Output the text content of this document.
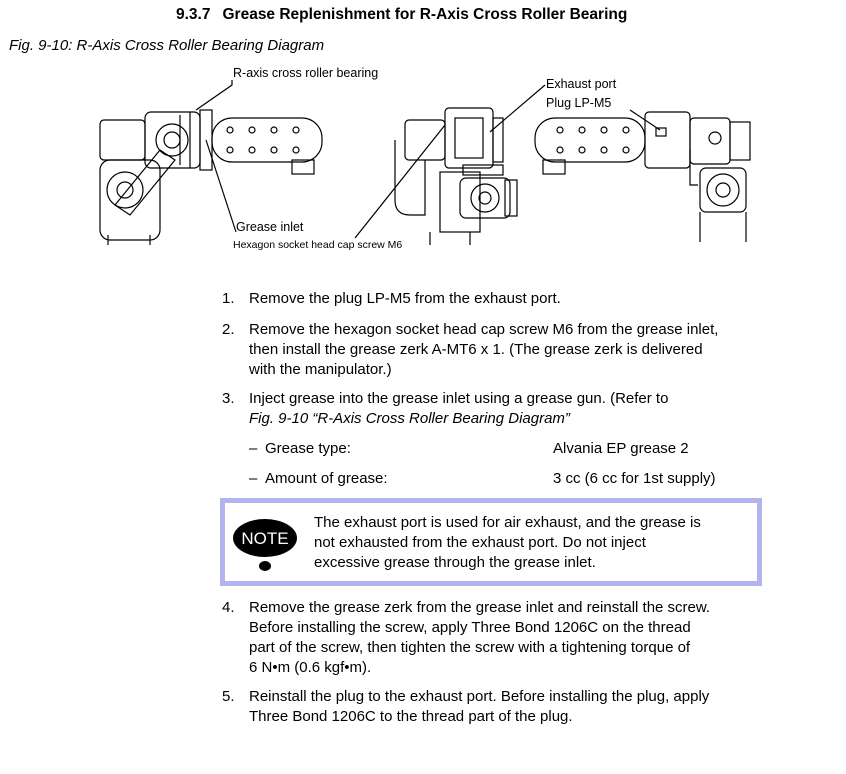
9.3.7 Grease Replenishment for R-Axis Cross Roller Bearing
Fig. 9-10: R-Axis Cross Roller Bearing Diagram
R-axis cross roller bearing
Exhaust port
Plug LP-M5
Grease inlet
Hexagon socket head cap screw M6
1. Remove the plug LP-M5 from the exhaust port.
2. Remove the hexagon socket head cap screw M6 from the grease inlet,
then install the grease zerk A-MT6 x 1. (The grease zerk is delivered
with the manipulator.)
3. Inject grease into the grease inlet using a grease gun. (Refer to
Fig. 9-10 “R-Axis Cross Roller Bearing Diagram”
– Grease type:	Alvania EP grease 2
– Amount of grease:	3 cc (6 cc for 1st supply)
4. Remove the grease zerk from the grease inlet and reinstall the screw.
Before installing the screw, apply Three Bond 1206C on the thread
part of the screw, then tighten the screw with a tightening torque of
6 N•m (0.6 kgf•m).
5. Reinstall the plug to the exhaust port. Before installing the plug, apply
Three Bond 1206C to the thread part of the plug.
NOTE
The exhaust port is used for air exhaust, and the grease is
not exhausted from the exhaust port. Do not inject
excessive grease through the grease inlet.
